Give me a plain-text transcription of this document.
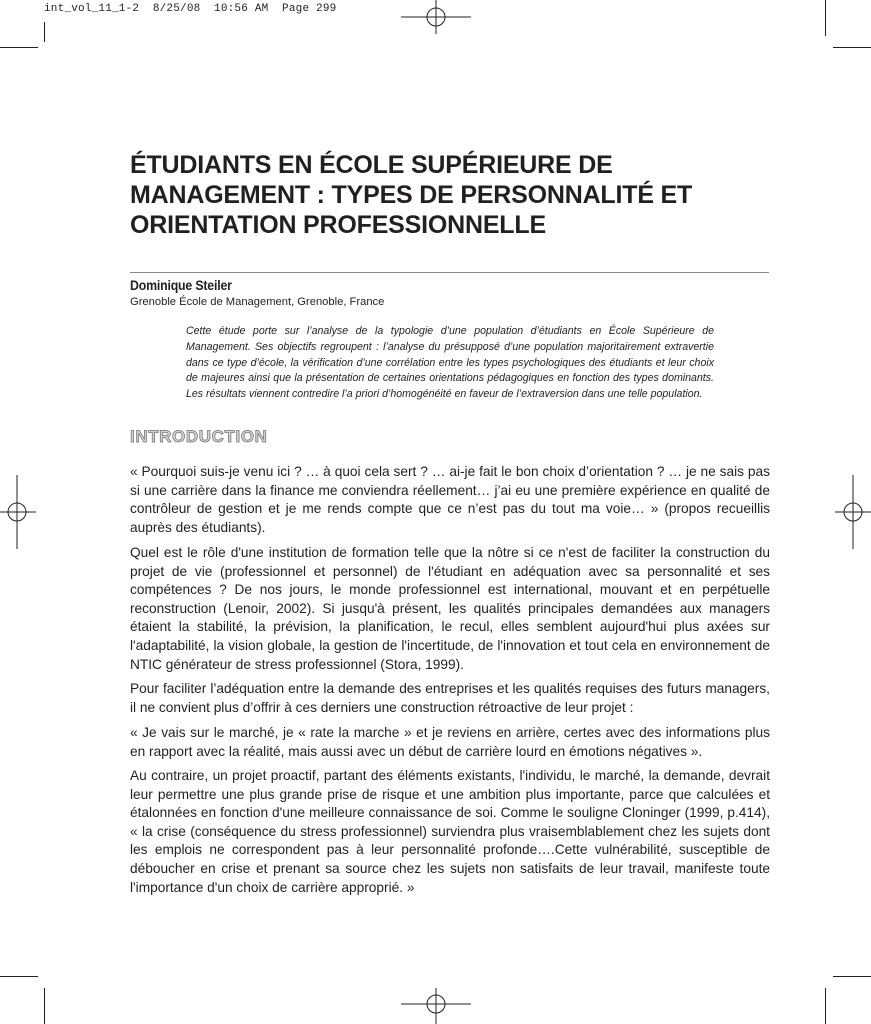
int_vol_11_1-2  8/25/08  10:56 AM  Page 299
ÉTUDIANTS EN ÉCOLE SUPÉRIEURE DE MANAGEMENT : TYPES DE PERSONNALITÉ ET ORIENTATION PROFESSIONNELLE
Dominique Steiler
Grenoble École de Management, Grenoble, France

Cette étude porte sur l’analyse de la typologie d’une population d’étudiants en École Supérieure de Management. Ses objectifs regroupent : l’analyse du présupposé d’une population majoritairement extravertie dans ce type d’école, la vérification d’une corrélation entre les types psychologiques des étudiants et leur choix de majeures ainsi que la présentation de certaines orientations pédagogiques en fonction des types dominants. Les résultats viennent contredire l’a priori d’homogénéité en faveur de l’extraversion dans une telle population.

INTRODUCTION

« Pourquoi suis-je venu ici ? … à quoi cela sert ? … ai-je fait le bon choix d’orientation ? … je ne sais pas si une carrière dans la finance me conviendra réellement… j’ai eu une première expérience en qualité de contrôleur de gestion et je me rends compte que ce n’est pas du tout ma voie… » (propos recueillis auprès des étudiants).

Quel est le rôle d'une institution de formation telle que la nôtre si ce n'est de faciliter la construction du projet de vie (professionnel et personnel) de l'étudiant en adéquation avec sa personnalité et ses compétences ? De nos jours, le monde professionnel est international, mouvant et en perpétuelle reconstruction (Lenoir, 2002). Si jusqu'à présent, les qualités principales demandées aux managers étaient la stabilité, la prévision, la planification, le recul, elles semblent aujourd'hui plus axées sur l'adaptabilité, la vision globale, la gestion de l'incertitude, de l'innovation et tout cela en environnement de NTIC générateur de stress professionnel (Stora, 1999).

Pour faciliter l’adéquation entre la demande des entreprises et les qualités requises des futurs managers, il ne convient plus d’offrir à ces derniers une construction rétroactive de leur projet :

« Je vais sur le marché, je « rate la marche » et je reviens en arrière, certes avec des informations plus en rapport avec la réalité, mais aussi avec un début de carrière lourd en émotions négatives ».

Au contraire, un projet proactif, partant des éléments existants, l'individu, le marché, la demande, devrait leur permettre une plus grande prise de risque et une ambition plus importante, parce que calculées et étalonnées en fonction d'une meilleure connaissance de soi. Comme le souligne Cloninger (1999, p.414), « la crise (conséquence du stress professionnel) surviendra plus vraisemblablement chez les sujets dont les emplois ne correspondent pas à leur personnalité profonde….Cette vulnérabilité, susceptible de déboucher en crise et prenant sa source chez les sujets non satisfaits de leur travail, manifeste toute l'importance d'un choix de carrière approprié. »
